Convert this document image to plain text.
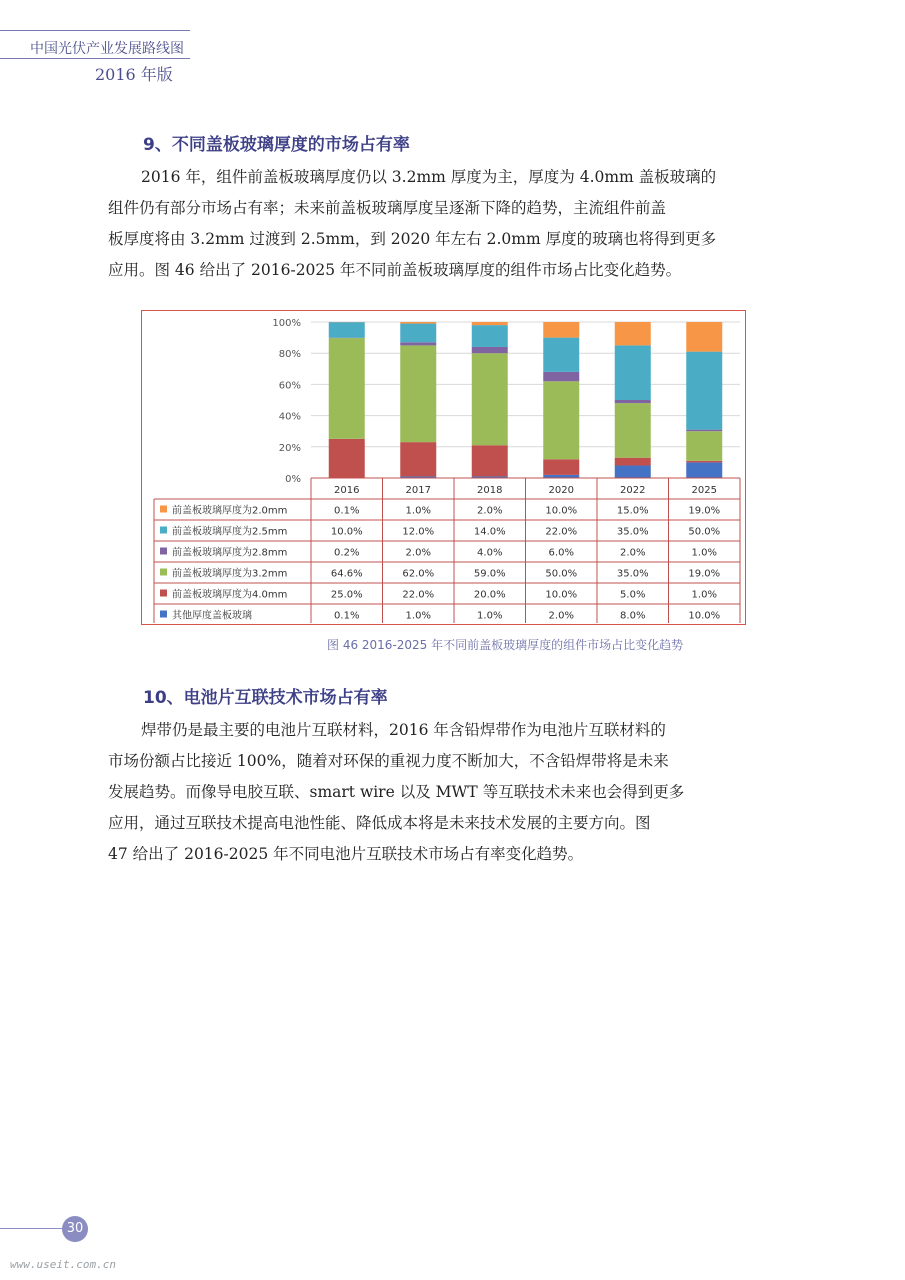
中国光伏产业发展路线图
2016 年版
9、不同盖板玻璃厚度的市场占有率
2016 年，组件前盖板玻璃厚度仍以 3.2mm 厚度为主，厚度为 4.0mm 盖板玻璃的
组件仍有部分市场占有率；未来前盖板玻璃厚度呈逐渐下降的趋势，主流组件前盖
板厚度将由 3.2mm 过渡到 2.5mm，到 2020 年左右 2.0mm 厚度的玻璃也将得到更多
应用。图 46 给出了 2016-2025 年不同前盖板玻璃厚度的组件市场占比变化趋势。
100%
80%
60%
40%
20%
0%
2016	2017	2018	2020	2022	2025
前盖板玻璃厚度为2.0mm	0.1%	1.0%	2.0%	10.0%	15.0%	19.0%
前盖板玻璃厚度为2.5mm	10.0%	12.0%	14.0%	22.0%	35.0%	50.0%
前盖板玻璃厚度为2.8mm	0.2%	2.0%	4.0%	6.0%	2.0%	1.0%
前盖板玻璃厚度为3.2mm	64.6%	62.0%	59.0%	50.0%	35.0%	19.0%
前盖板玻璃厚度为4.0mm	25.0%	22.0%	20.0%	10.0%	5.0%	1.0%
其他厚度盖板玻璃	0.1%	1.0%	1.0%	2.0%	8.0%	10.0%
图 46 2016-2025 年不同前盖板玻璃厚度的组件市场占比变化趋势
10、电池片互联技术市场占有率
焊带仍是最主要的电池片互联材料，2016 年含铅焊带作为电池片互联材料的
市场份额占比接近 100%，随着对环保的重视力度不断加大，不含铅焊带将是未来
发展趋势。而像导电胶互联、smart wire 以及 MWT 等互联技术未来也会得到更多
应用，通过互联技术提高电池性能、降低成本将是未来技术发展的主要方向。图
47 给出了 2016-2025 年不同电池片互联技术市场占有率变化趋势。
30
www.useit.com.cn
